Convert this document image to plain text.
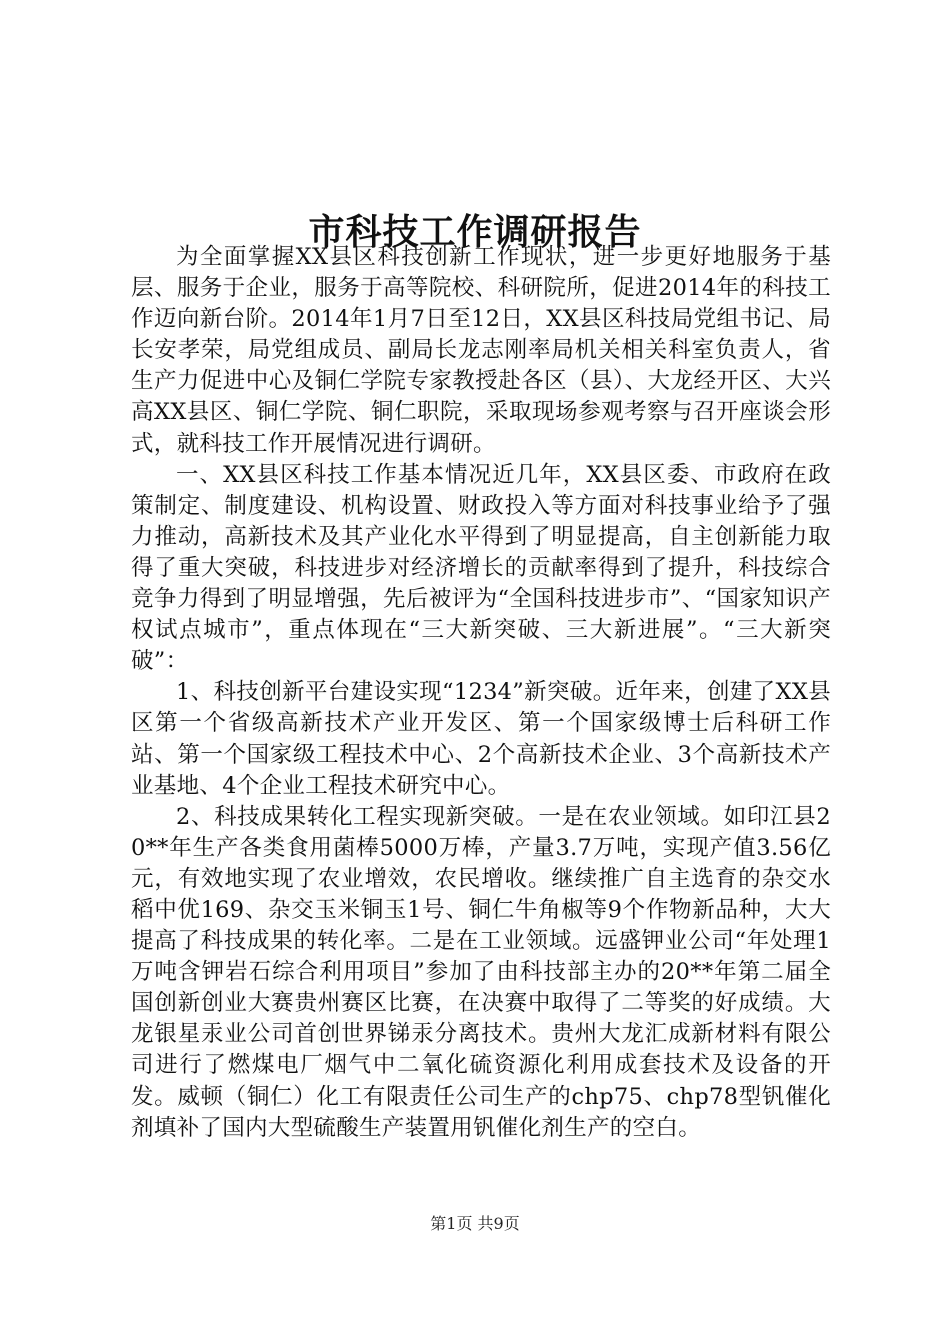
市科技工作调研报告

为全面掌握XX县区科技创新工作现状，进一步更好地服务于基层、服务于企业，服务于高等院校、科研院所，促进2014年的科技工作迈向新台阶。2014年1月7日至12日，XX县区科技局党组书记、局长安孝荣，局党组成员、副局长龙志刚率局机关相关科室负责人，省生产力促进中心及铜仁学院专家教授赴各区（县）、大龙经开区、大兴高XX县区、铜仁学院、铜仁职院，采取现场参观考察与召开座谈会形式，就科技工作开展情况进行调研。

一、XX县区科技工作基本情况近几年，XX县区委、市政府在政策制定、制度建设、机构设置、财政投入等方面对科技事业给予了强力推动，高新技术及其产业化水平得到了明显提高，自主创新能力取得了重大突破，科技进步对经济增长的贡献率得到了提升，科技综合竞争力得到了明显增强，先后被评为“全国科技进步市”、“国家知识产权试点城市”，重点体现在“三大新突破、三大新进展”。“三大新突破”：

1、科技创新平台建设实现“1234”新突破。近年来，创建了XX县区第一个省级高新技术产业开发区、第一个国家级博士后科研工作站、第一个国家级工程技术中心、2个高新技术企业、3个高新技术产业基地、4个企业工程技术研究中心。

2、科技成果转化工程实现新突破。一是在农业领域。如印江县20**年生产各类食用菌棒5000万棒，产量3.7万吨，实现产值3.56亿元，有效地实现了农业增效，农民增收。继续推广自主选育的杂交水稻中优169、杂交玉米铜玉1号、铜仁牛角椒等9个作物新品种，大大提高了科技成果的转化率。二是在工业领域。远盛钾业公司“年处理1万吨含钾岩石综合利用项目”参加了由科技部主办的20**年第二届全国创新创业大赛贵州赛区比赛，在决赛中取得了二等奖的好成绩。大龙银星汞业公司首创世界锑汞分离技术。贵州大龙汇成新材料有限公司进行了燃煤电厂烟气中二氧化硫资源化利用成套技术及设备的开发。威顿（铜仁）化工有限责任公司生产的chp75、chp78型钒催化剂填补了国内大型硫酸生产装置用钒催化剂生产的空白。

第1页 共9页
